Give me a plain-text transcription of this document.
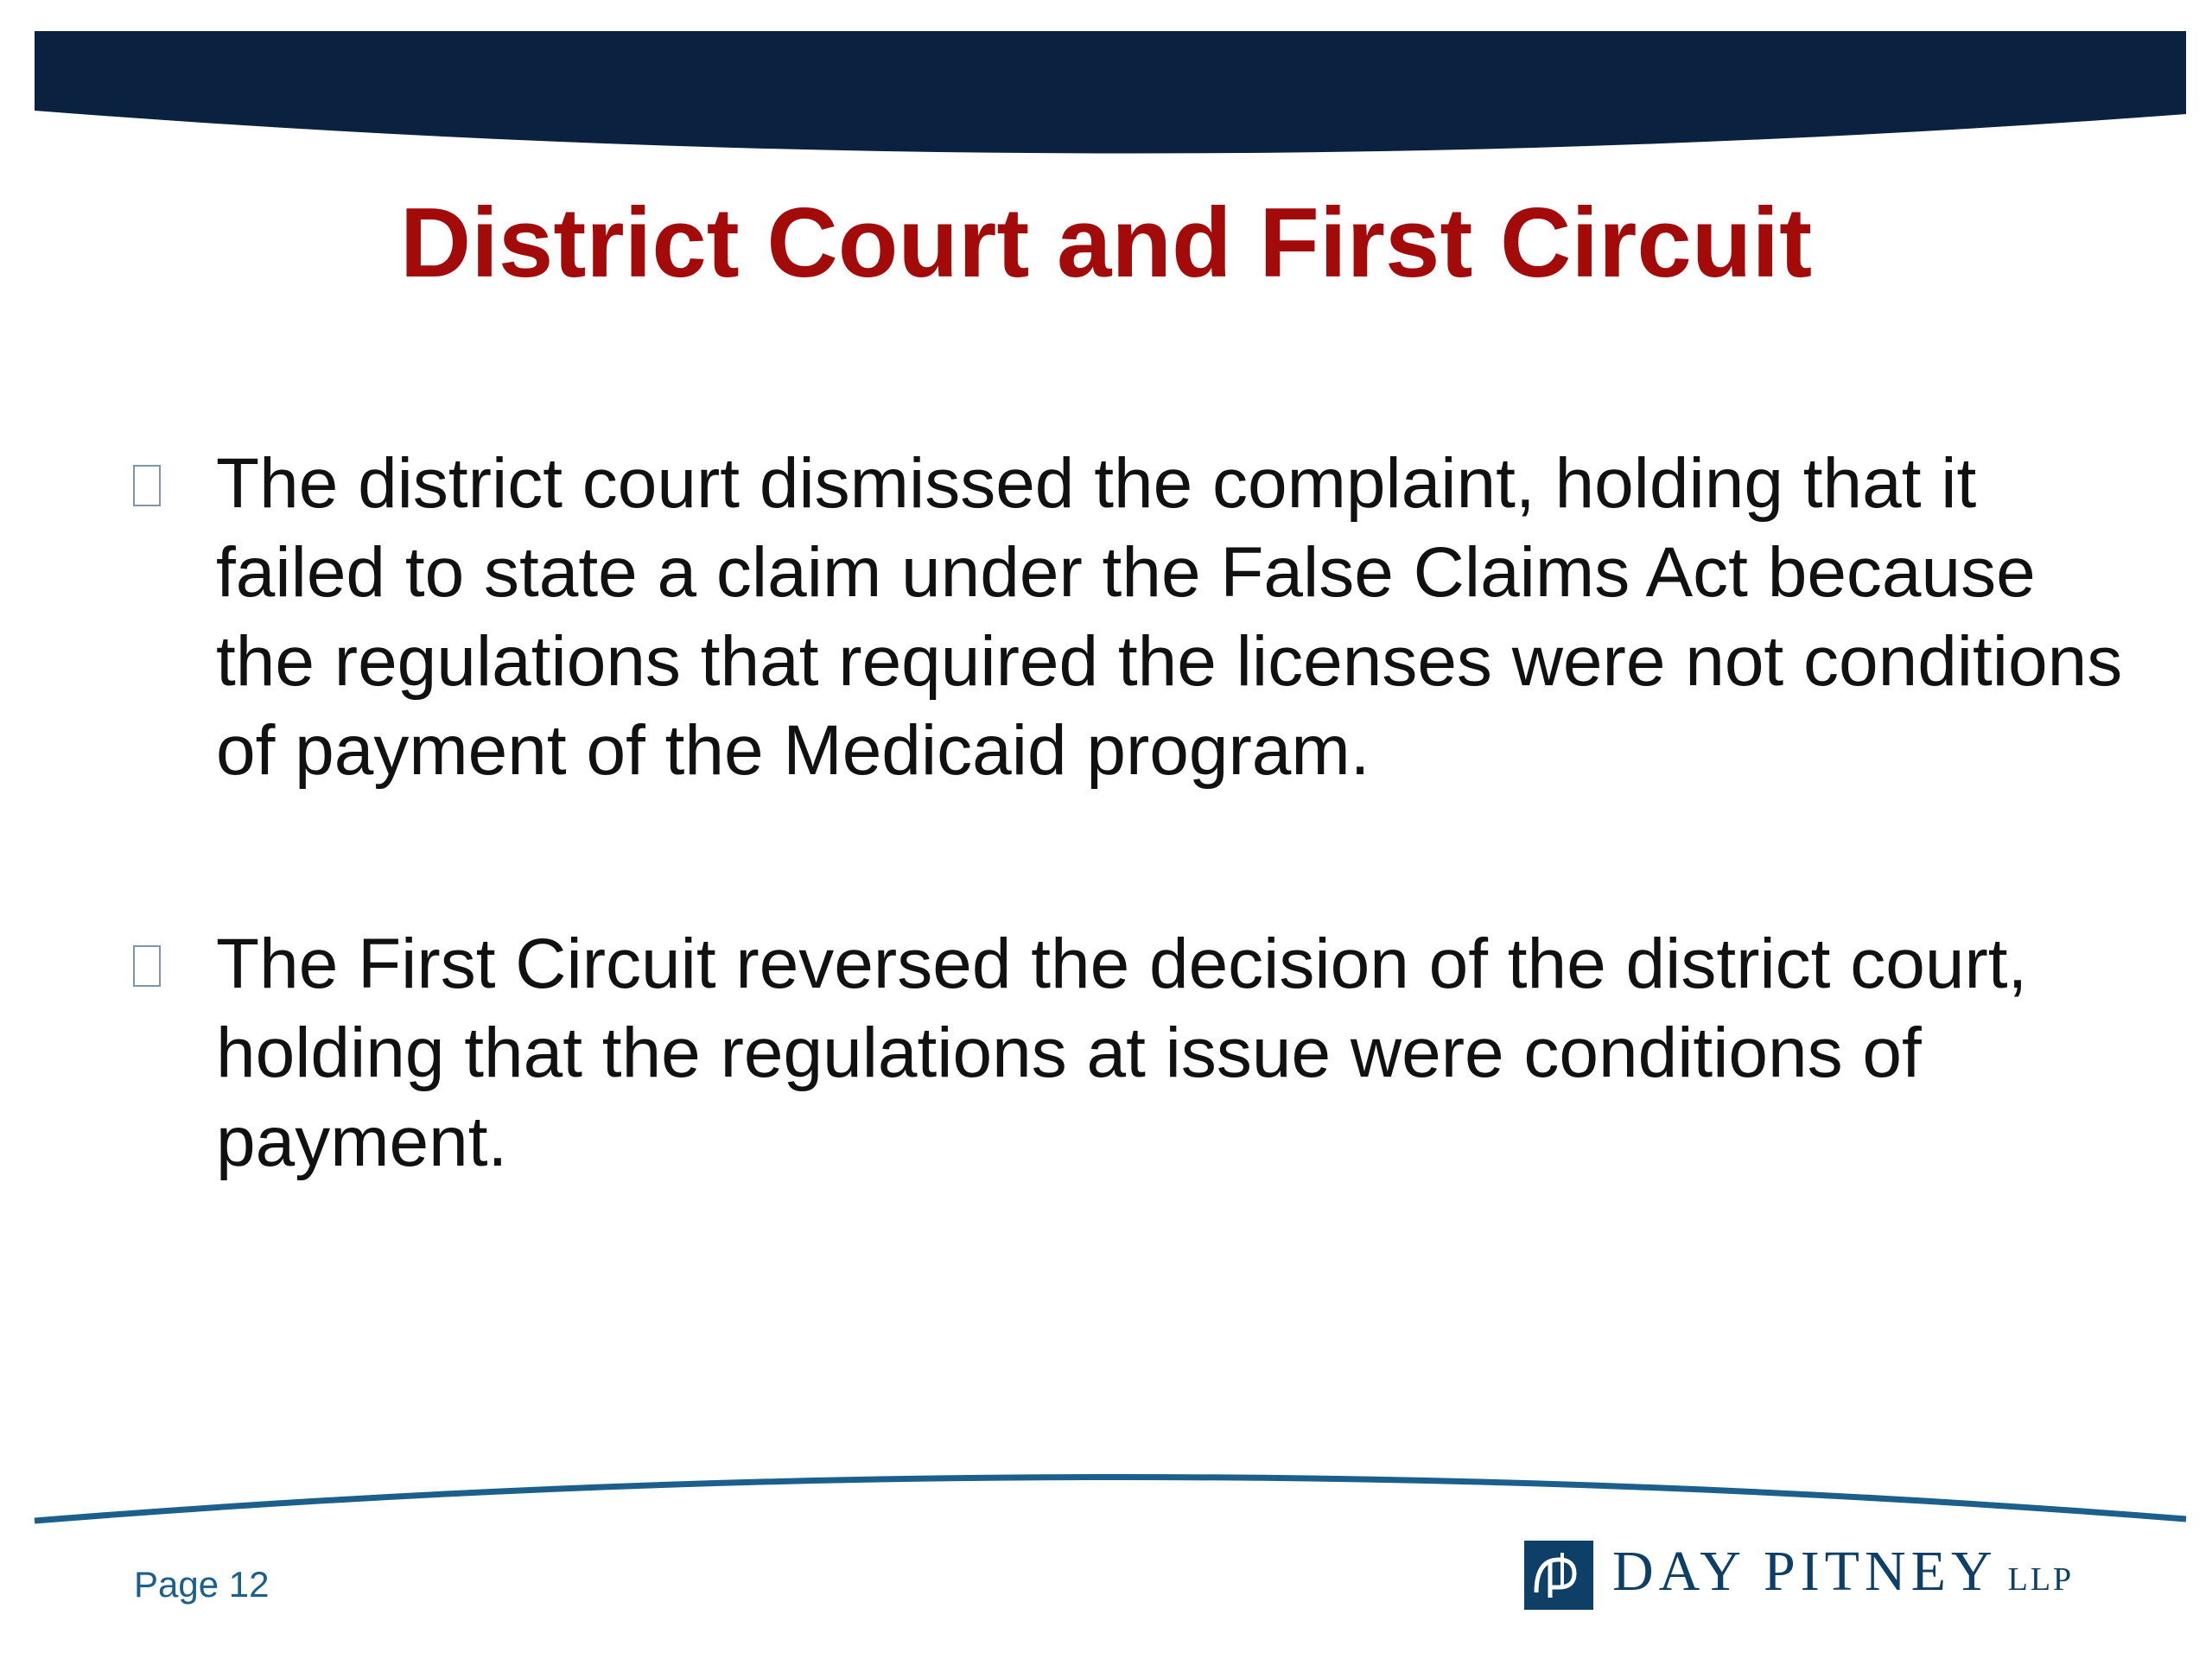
District Court and First Circuit
The district court dismissed the complaint, holding that it failed to state a claim under the False Claims Act because the regulations that required the licenses were not conditions of payment of the Medicaid program.
The First Circuit reversed the decision of the district court, holding that the regulations at issue were conditions of payment.
Page 12	DAY PITNEY LLP
